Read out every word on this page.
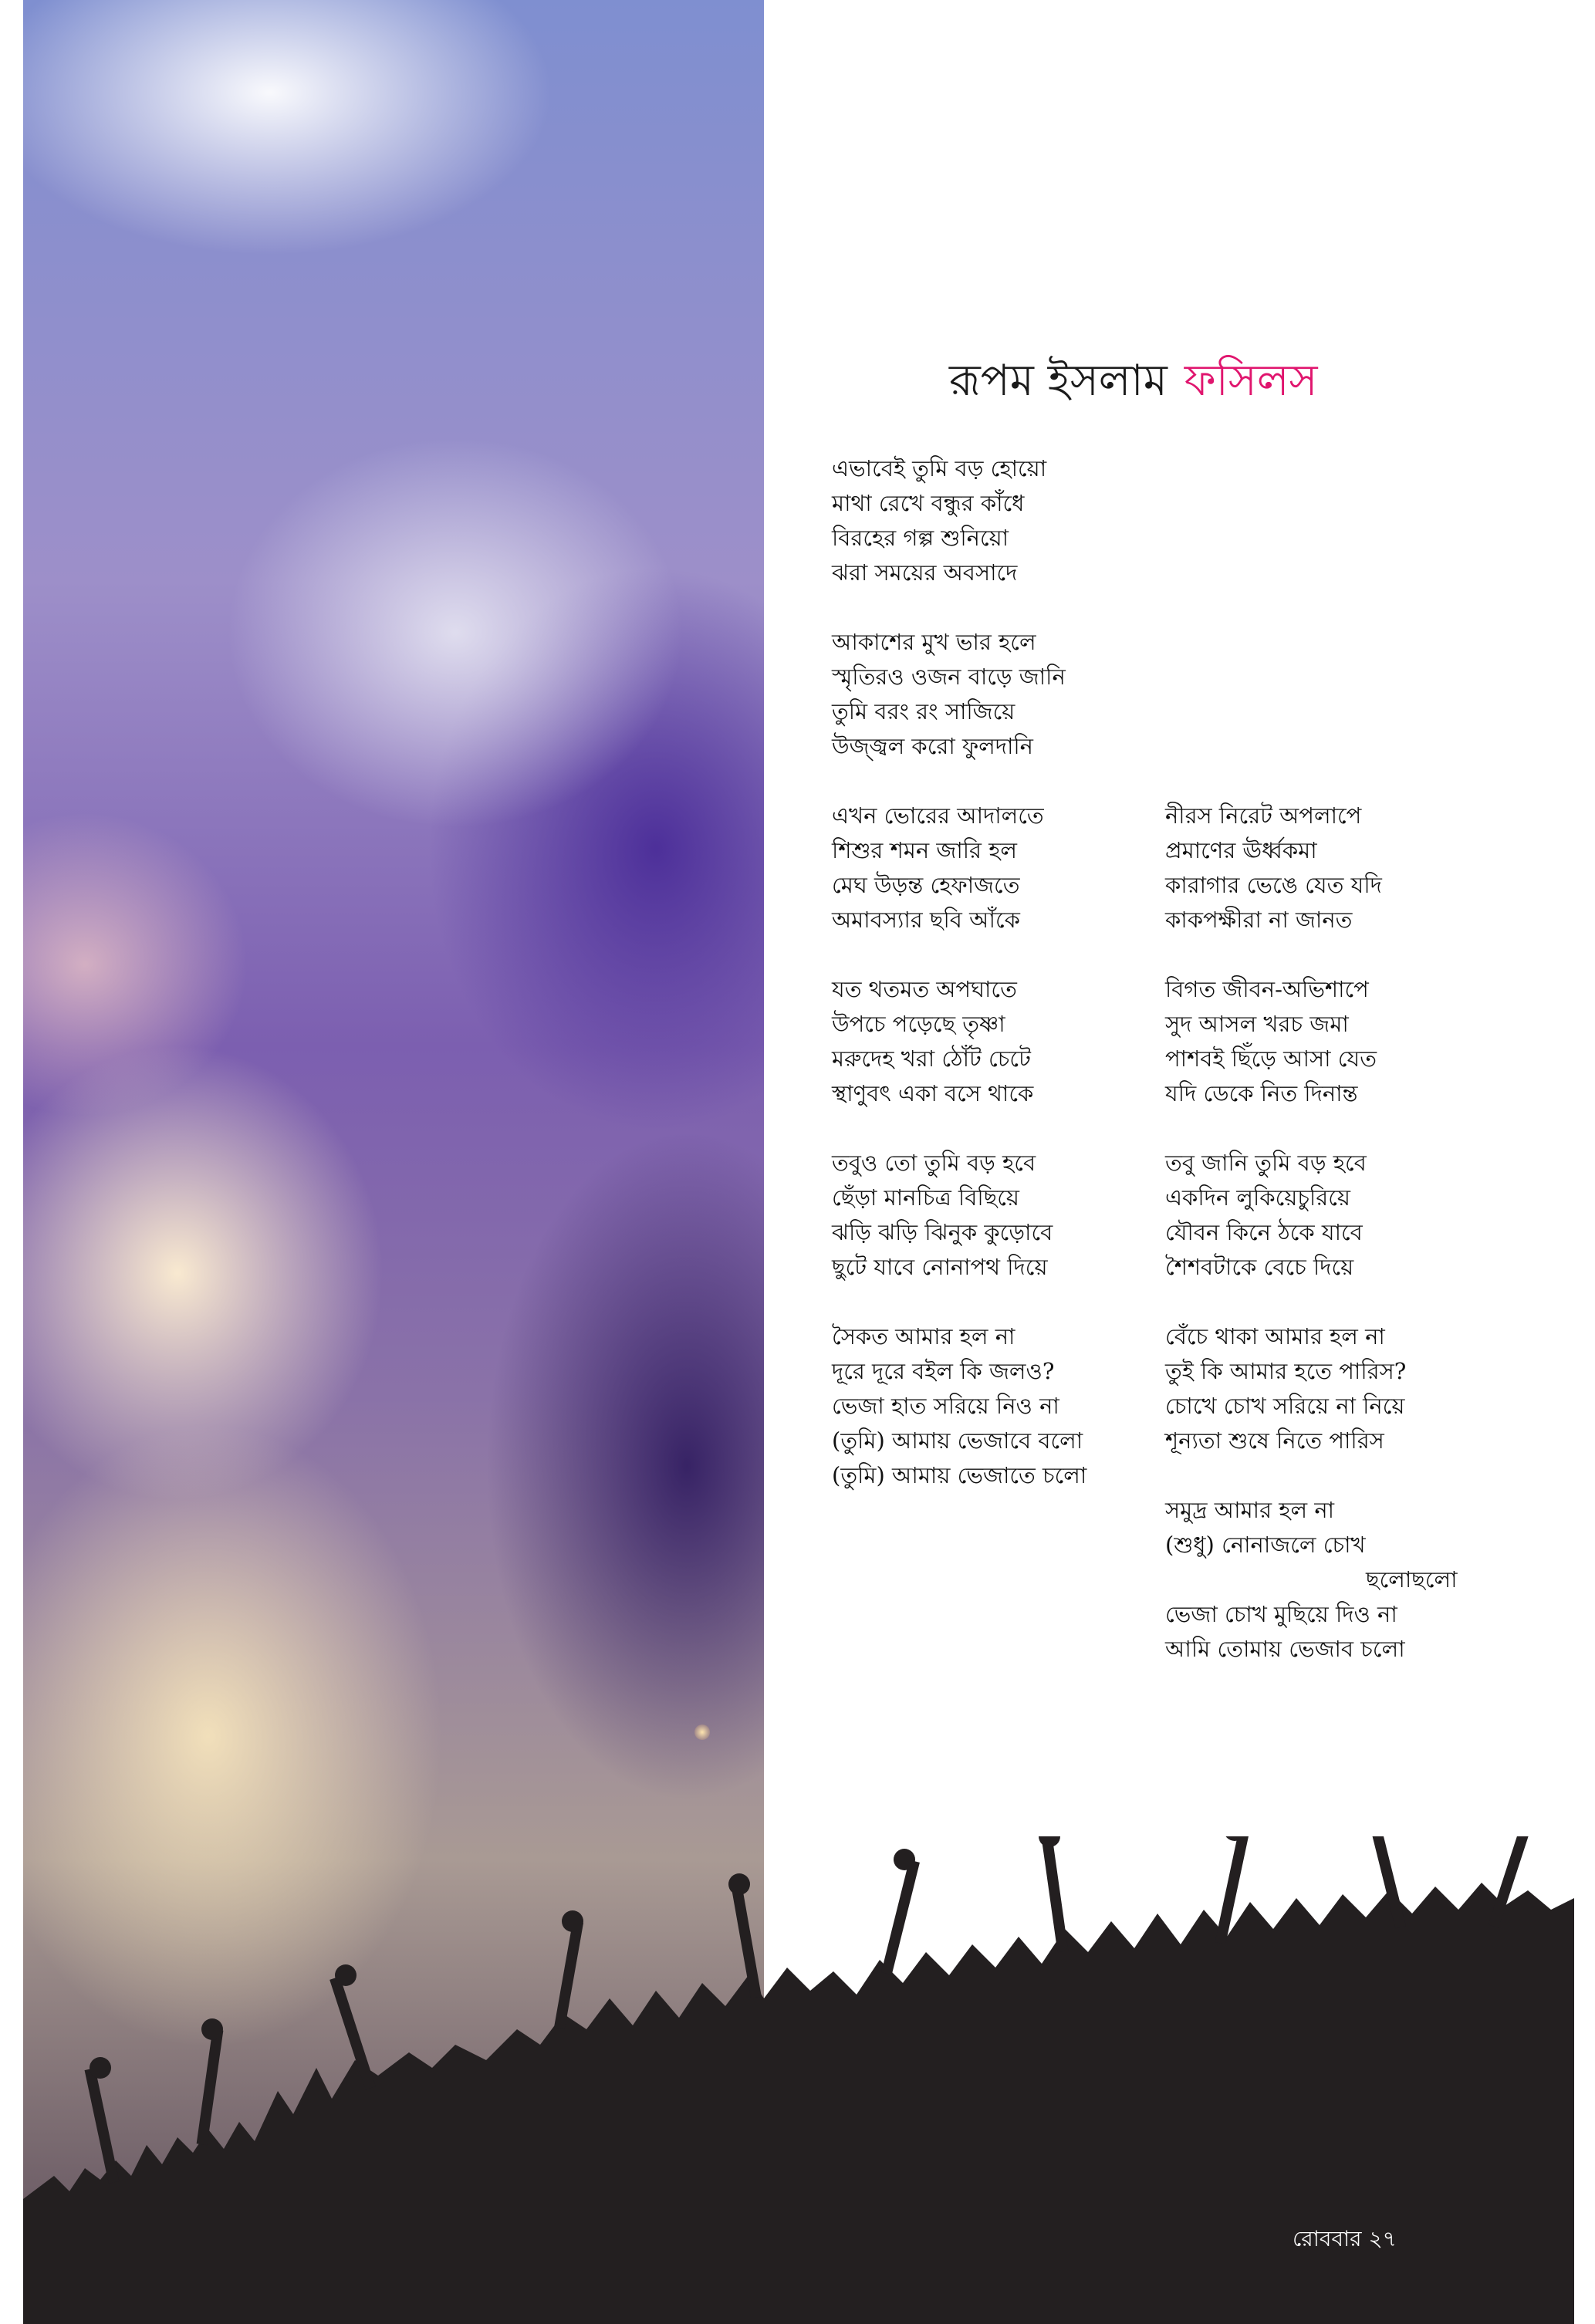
রূপম ইসলাম ফসিলস

এভাবেই তুমি বড় হোয়ো
মাথা রেখে বন্ধুর কাঁধে
বিরহের গল্প শুনিয়ো
ঝরা সময়ের অবসাদে

আকাশের মুখ ভার হলে
স্মৃতিরও ওজন বাড়ে জানি
তুমি বরং রং সাজিয়ে
উজ্জ্বল করো ফুলদানি

এখন ভোরের আদালতে
শিশুর শমন জারি হল
মেঘ উড়ন্ত হেফাজতে
অমাবস্যার ছবি আঁকে

যত থতমত অপঘাতে
উপচে পড়েছে তৃষ্ণা
মরুদেহ খরা ঠোঁট চেটে
স্থাণুবৎ একা বসে থাকে

তবুও তো তুমি বড় হবে
ছেঁড়া মানচিত্র বিছিয়ে
ঝড়ি ঝড়ি ঝিনুক কুড়োবে
ছুটে যাবে নোনাপথ দিয়ে

সৈকত আমার হল না
দূরে দূরে বইল কি জলও?
ভেজা হাত সরিয়ে নিও না
(তুমি) আমায় ভেজাবে বলো
(তুমি) আমায় ভেজাতে চলো

নীরস নিরেট অপলাপে
প্রমাণের ঊর্ধ্বকমা
কারাগার ভেঙে যেত যদি
কাকপক্ষীরা না জানত

বিগত জীবন-অভিশাপে
সুদ আসল খরচ জমা
পাশবই ছিঁড়ে আসা যেত
যদি ডেকে নিত দিনান্ত

তবু জানি তুমি বড় হবে
একদিন লুকিয়েচুরিয়ে
যৌবন কিনে ঠকে যাবে
শৈশবটাকে বেচে দিয়ে

বেঁচে থাকা আমার হল না
তুই কি আমার হতে পারিস?
চোখে চোখ সরিয়ে না নিয়ে
শূন্যতা শুষে নিতে পারিস

সমুদ্র আমার হল না
(শুধু) নোনাজলে চোখ
ছলোছলো
ভেজা চোখ মুছিয়ে দিও না
আমি তোমায় ভেজাব চলো

রোববার ২৭
